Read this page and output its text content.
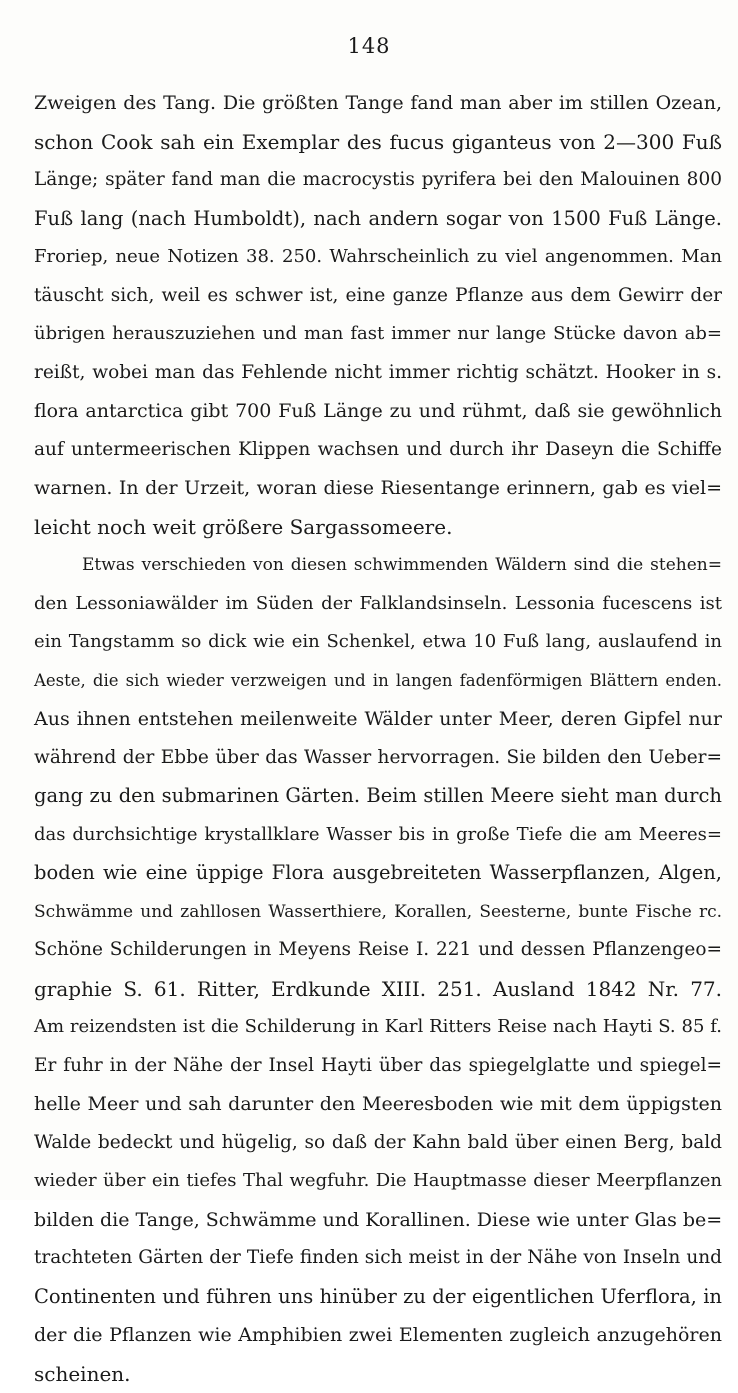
148
Zweigen des Tang. Die größten Tange fand man aber im stillen Ozean,
schon Cook sah ein Exemplar des fucus giganteus von 2—300 Fuß
Länge; später fand man die macrocystis pyrifera bei den Malouinen 800
Fuß lang (nach Humboldt), nach andern sogar von 1500 Fuß Länge.
Froriep, neue Notizen 38. 250. Wahrscheinlich zu viel angenommen. Man
täuscht sich, weil es schwer ist, eine ganze Pflanze aus dem Gewirr der
übrigen herauszuziehen und man fast immer nur lange Stücke davon ab=
reißt, wobei man das Fehlende nicht immer richtig schätzt. Hooker in s.
flora antarctica gibt 700 Fuß Länge zu und rühmt, daß sie gewöhnlich
auf untermeerischen Klippen wachsen und durch ihr Daseyn die Schiffe
warnen. In der Urzeit, woran diese Riesentange erinnern, gab es viel=
leicht noch weit größere Sargassomeere.
Etwas verschieden von diesen schwimmenden Wäldern sind die stehen=
den Lessoniawälder im Süden der Falklandsinseln. Lessonia fucescens ist
ein Tangstamm so dick wie ein Schenkel, etwa 10 Fuß lang, auslaufend in
Aeste, die sich wieder verzweigen und in langen fadenförmigen Blättern enden.
Aus ihnen entstehen meilenweite Wälder unter Meer, deren Gipfel nur
während der Ebbe über das Wasser hervorragen. Sie bilden den Ueber=
gang zu den submarinen Gärten. Beim stillen Meere sieht man durch
das durchsichtige krystallklare Wasser bis in große Tiefe die am Meeres=
boden wie eine üppige Flora ausgebreiteten Wasserpflanzen, Algen,
Schwämme und zahllosen Wasserthiere, Korallen, Seesterne, bunte Fische rc.
Schöne Schilderungen in Meyens Reise I. 221 und dessen Pflanzengeo=
graphie S. 61. Ritter, Erdkunde XIII. 251. Ausland 1842 Nr. 77.
Am reizendsten ist die Schilderung in Karl Ritters Reise nach Hayti S. 85 f.
Er fuhr in der Nähe der Insel Hayti über das spiegelglatte und spiegel=
helle Meer und sah darunter den Meeresboden wie mit dem üppigsten
Walde bedeckt und hügelig, so daß der Kahn bald über einen Berg, bald
wieder über ein tiefes Thal wegfuhr. Die Hauptmasse dieser Meerpflanzen
bilden die Tange, Schwämme und Korallinen. Diese wie unter Glas be=
trachteten Gärten der Tiefe finden sich meist in der Nähe von Inseln und
Continenten und führen uns hinüber zu der eigentlichen Uferflora, in
der die Pflanzen wie Amphibien zwei Elementen zugleich anzugehören
scheinen.
